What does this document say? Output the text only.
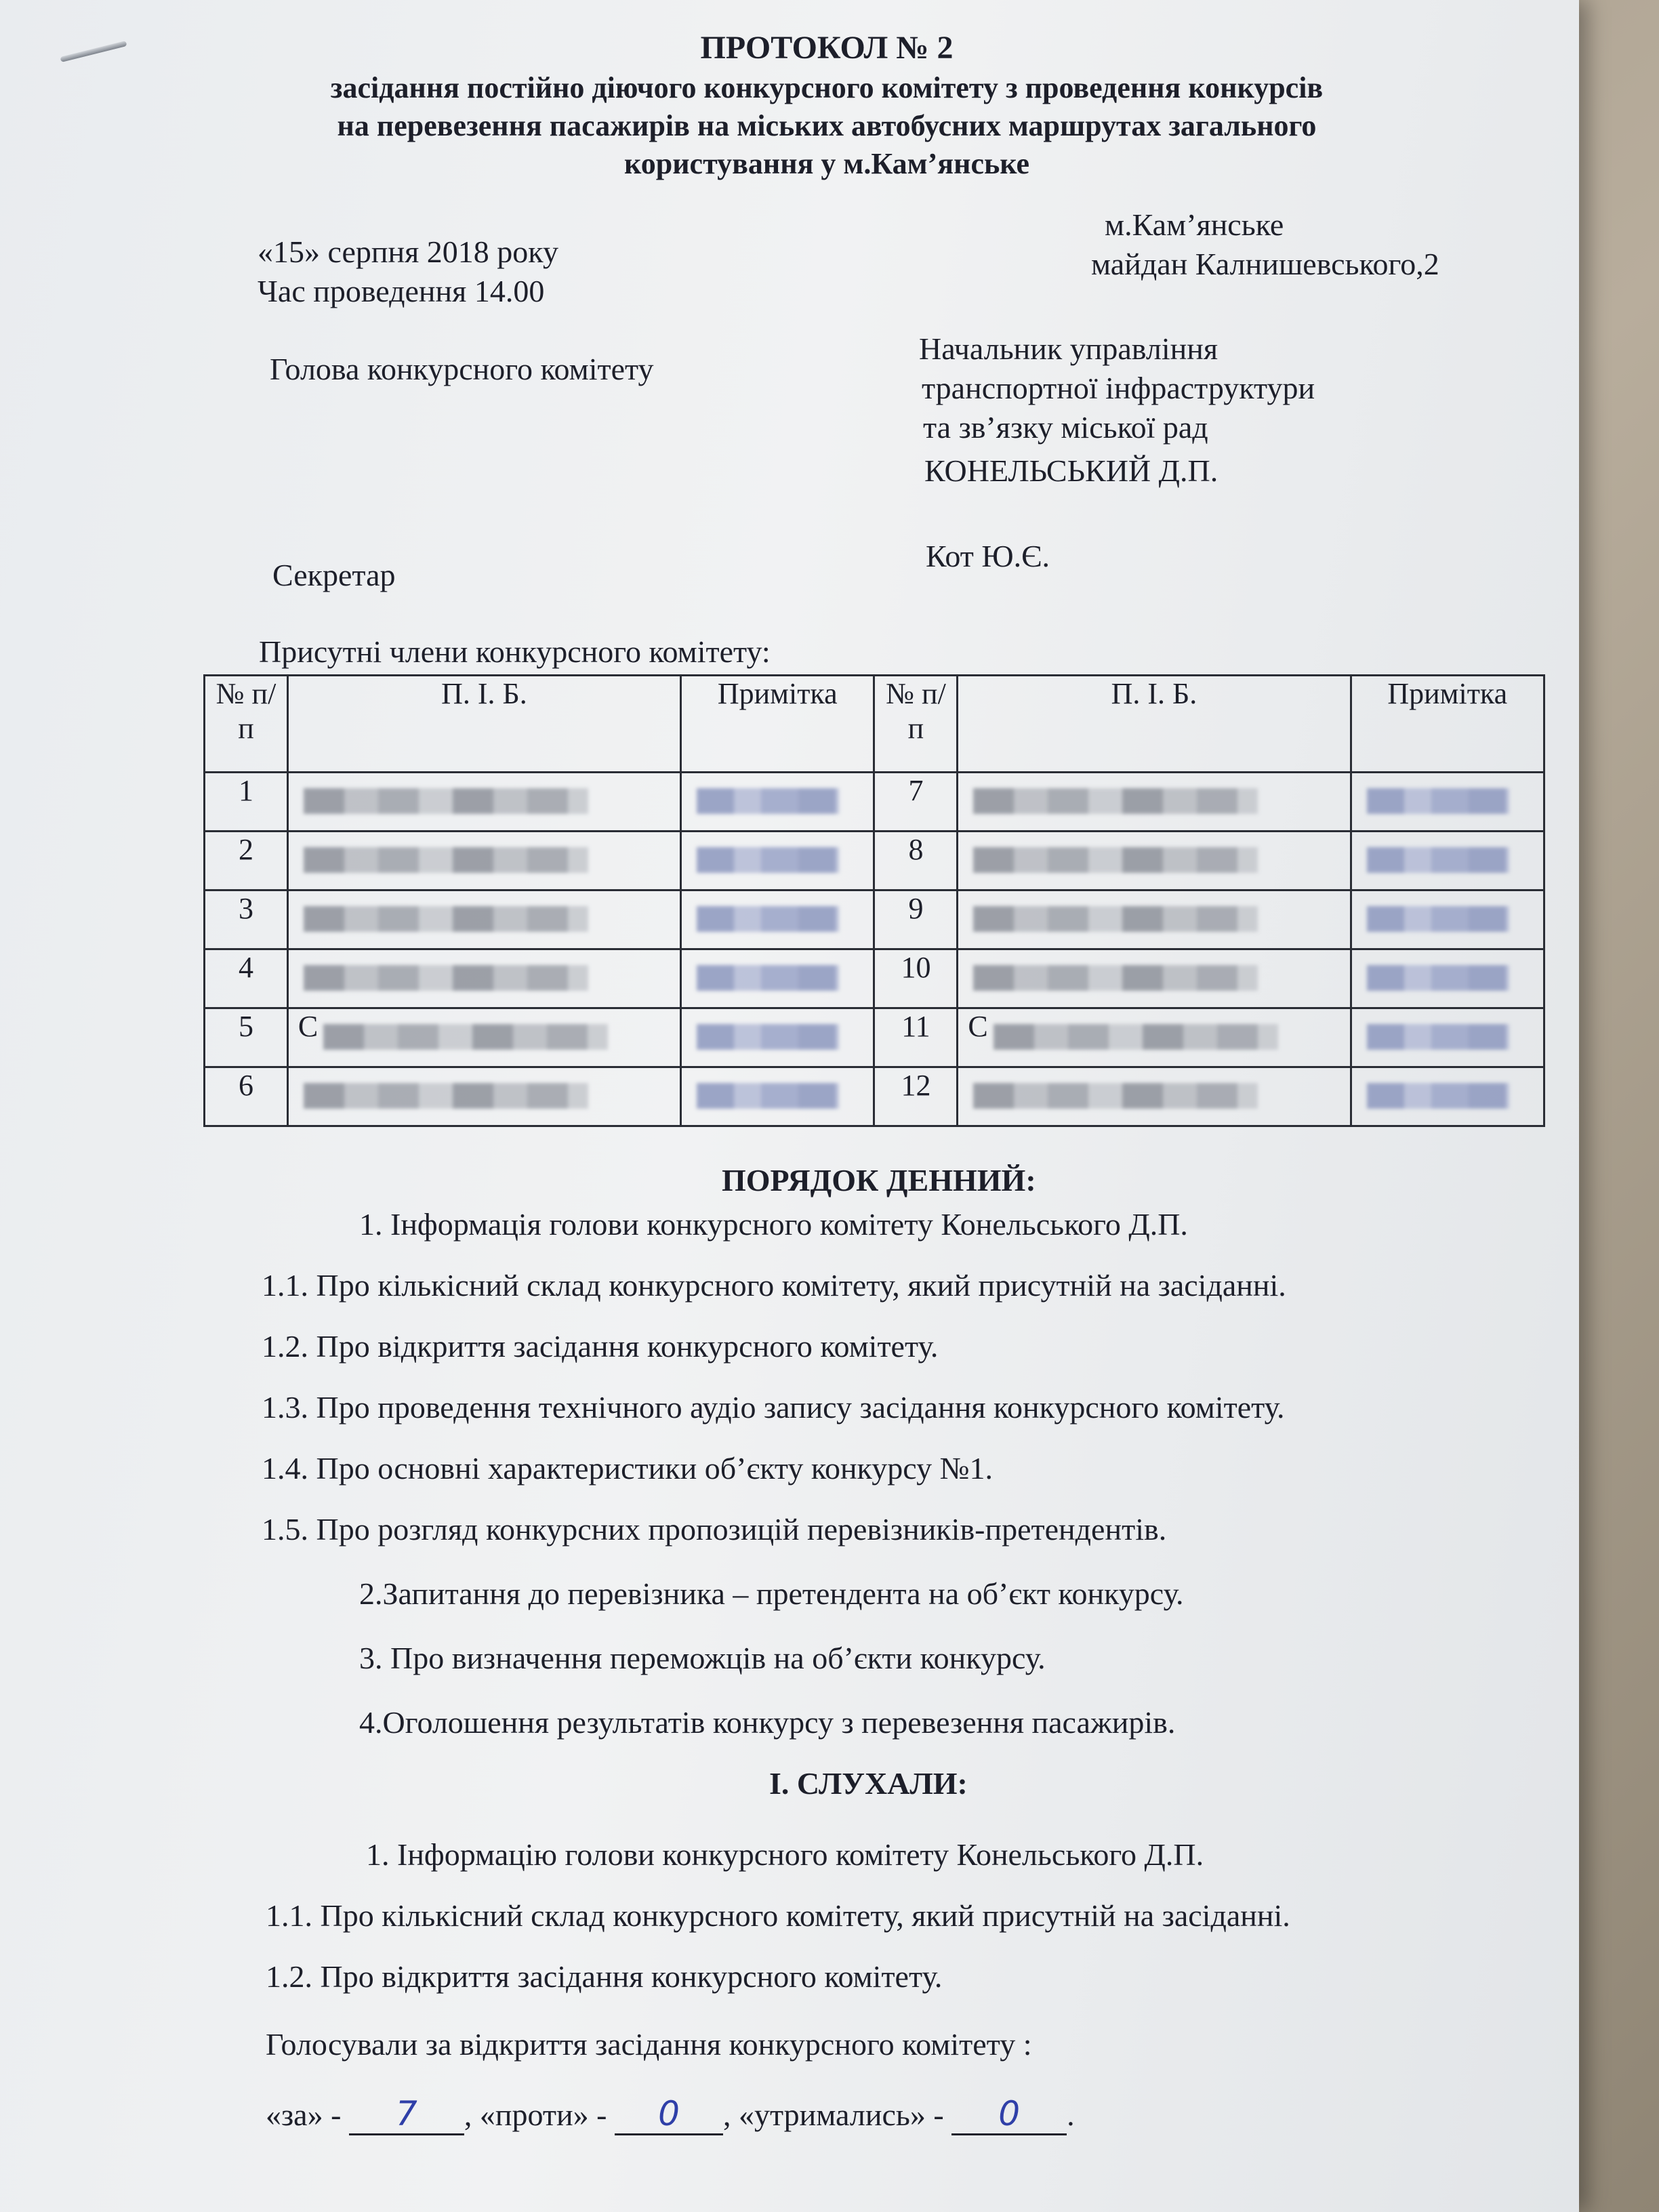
ПРОТОКОЛ № 2
засідання постійно діючого конкурсного комітету з проведення конкурсів
на перевезення пасажирів на міських автобусних маршрутах загального
користування у м.Кам’янське
«15» серпня 2018 року
Час проведення 14.00
м.Кам’янське
майдан Калнишевського,2
Голова конкурсного комітету
Начальник управління
транспортної інфраструктури
та зв’язку міської рад
КОНЕЛЬСЬКИЙ Д.П.
Секретар
Кот Ю.Є.
Присутні члени конкурсного комітету:
№ п/п	П. І. Б.	Примітка	№ п/п	П. І. Б.	Примітка
1			7		
2			8		
3			9		
4			10		
5	С		11	С	
6			12		
ПОРЯДОК ДЕННИЙ:
1. Інформація голови конкурсного комітету Конельського Д.П.
1.1. Про кількісний склад конкурсного комітету, який присутній на засіданні.
1.2. Про відкриття засідання конкурсного комітету.
1.3. Про проведення технічного аудіо запису засідання конкурсного комітету.
1.4. Про основні характеристики об’єкту конкурсу №1.
1.5. Про розгляд конкурсних пропозицій перевізників-претендентів.
2.Запитання до перевізника – претендента на об’єкт конкурсу.
3. Про визначення переможців на об’єкти конкурсу.
4.Оголошення результатів конкурсу з перевезення пасажирів.
І. СЛУХАЛИ:
1. Інформацію голови конкурсного комітету Конельського Д.П.
1.1. Про кількісний склад конкурсного комітету, який присутній на засіданні.
1.2. Про відкриття засідання конкурсного комітету.
Голосували за відкриття засідання конкурсного комітету :
«за» - 7 , «проти» - 0 , «утримались» - 0 .
